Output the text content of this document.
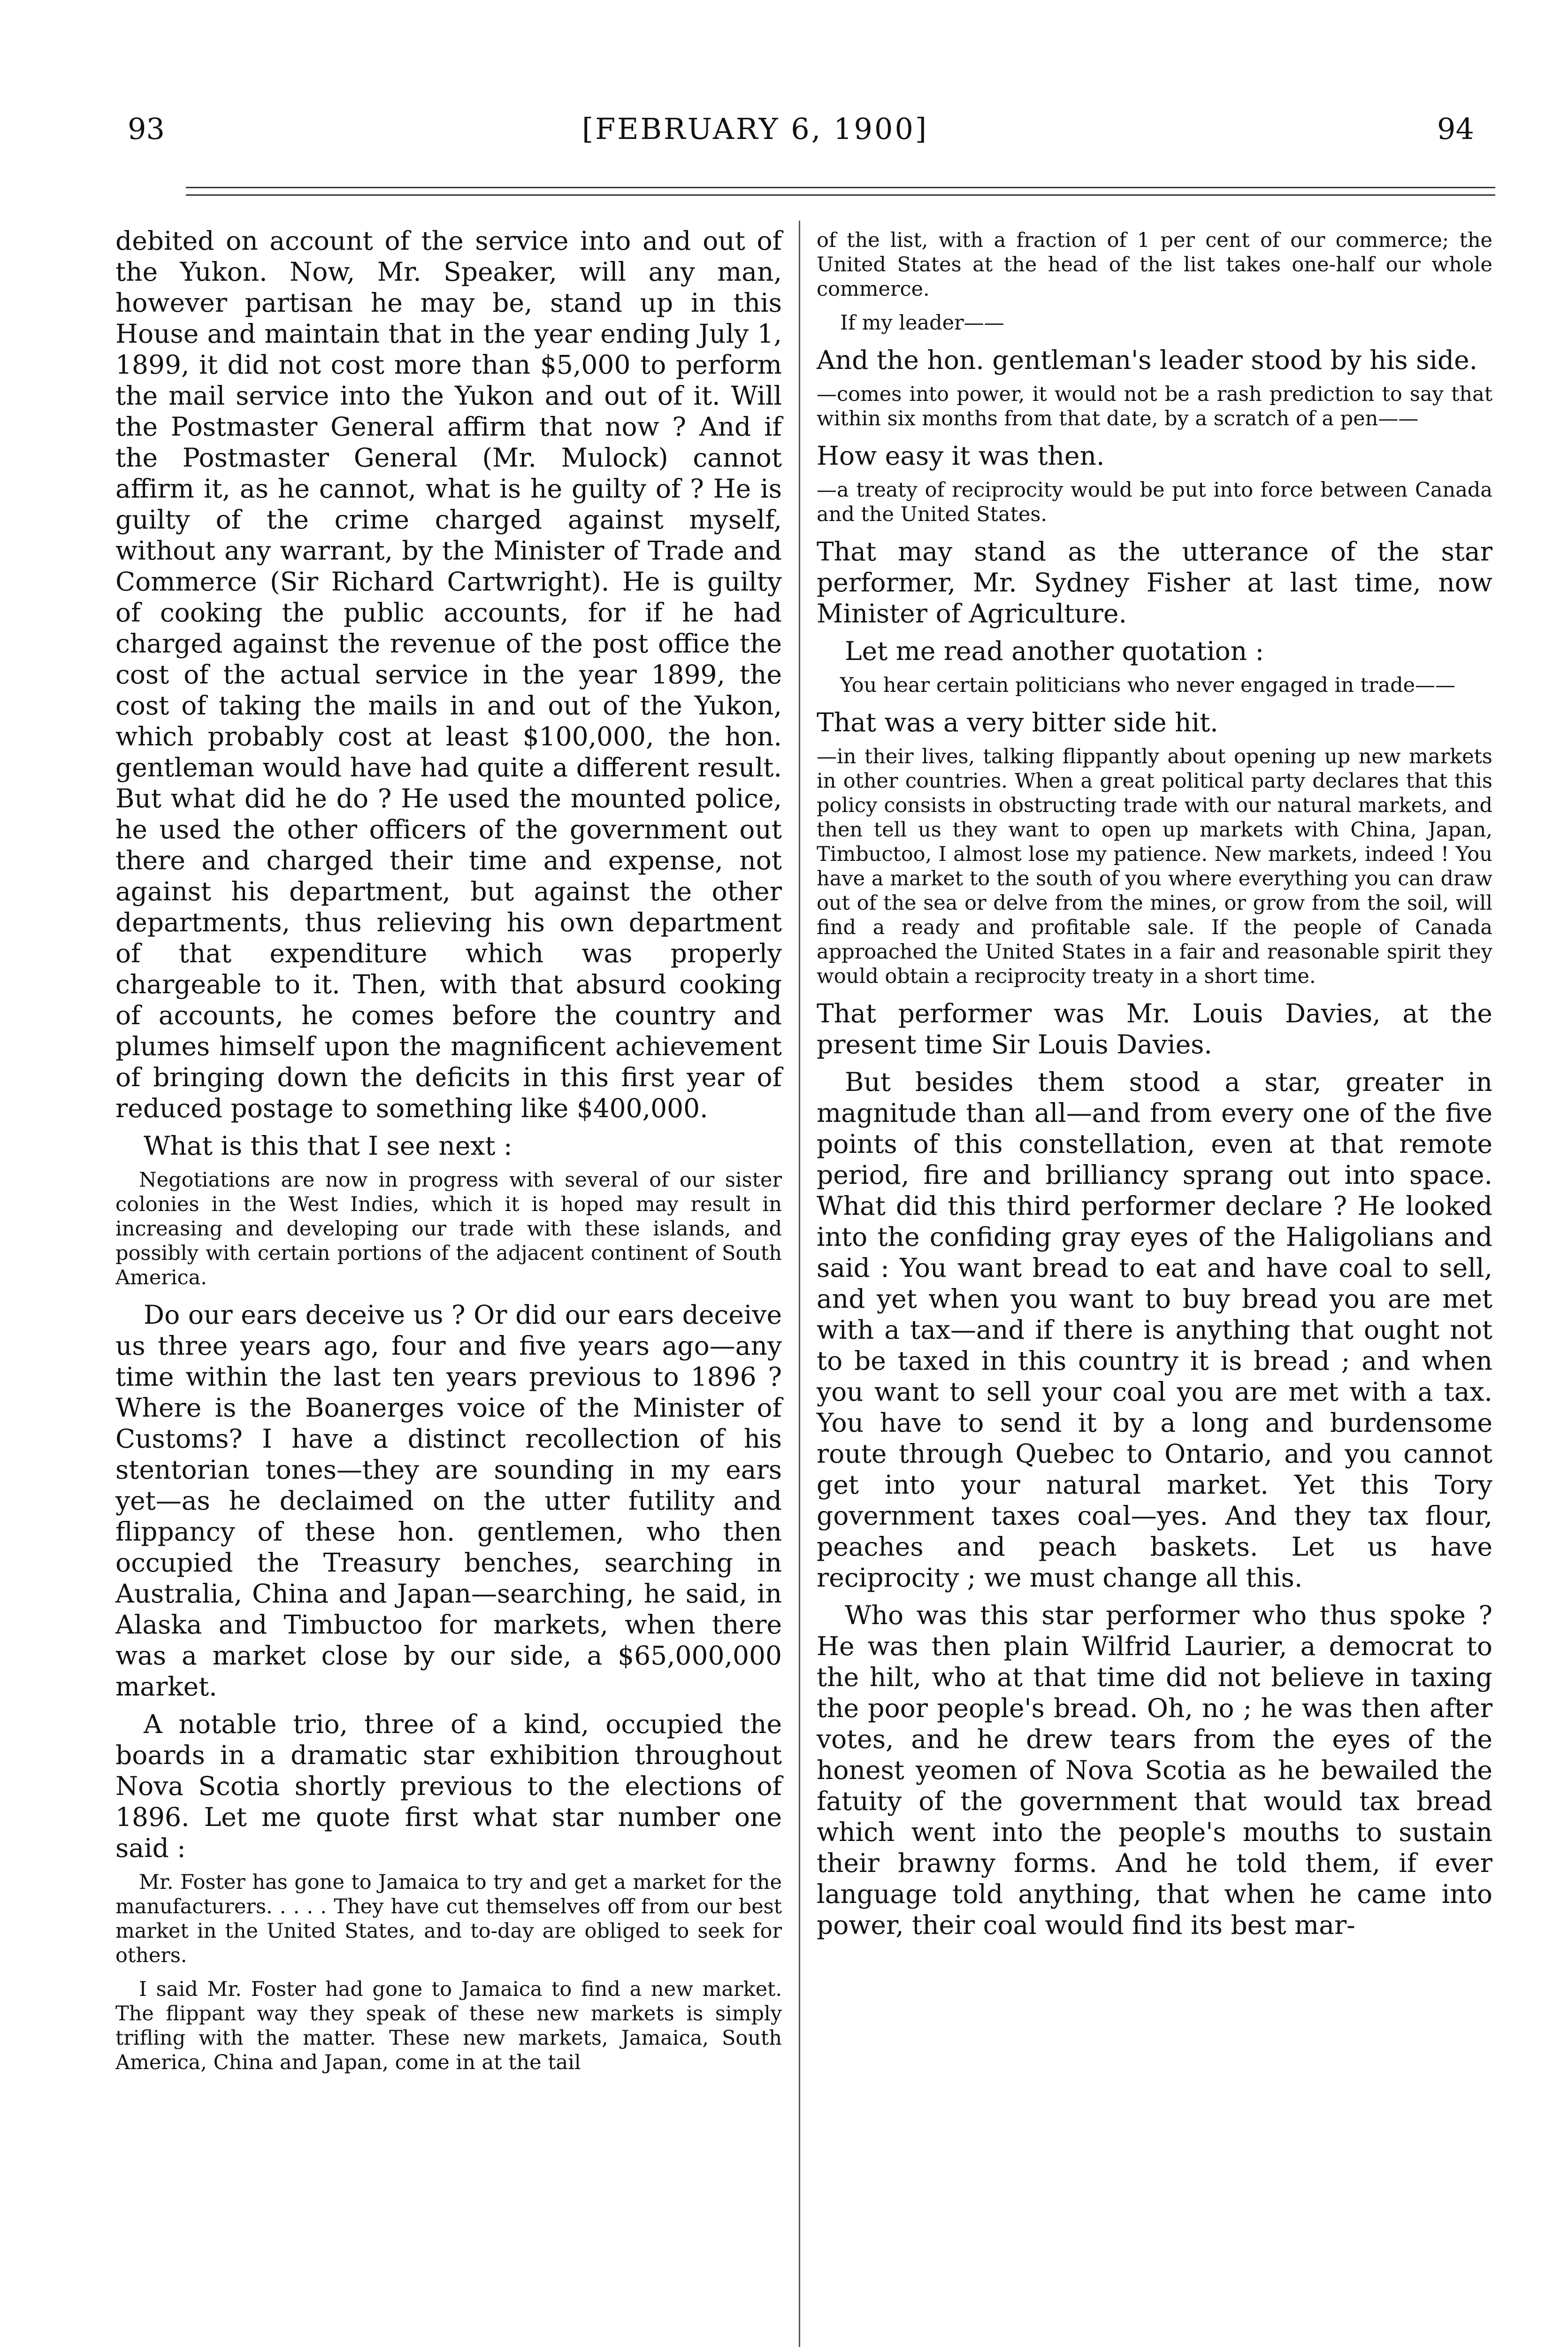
93	[FEBRUARY 6, 1900]	94

debited on account of the service into and out of the Yukon. Now, Mr. Speaker, will any man, however partisan he may be, stand up in this House and maintain that in the year ending July 1, 1899, it did not cost more than $5,000 to perform the mail service into the Yukon and out of it. Will the Postmaster General affirm that now ? And if the Postmaster General (Mr. Mulock) cannot affirm it, as he cannot, what is he guilty of ? He is guilty of the crime charged against myself, without any warrant, by the Minister of Trade and Commerce (Sir Richard Cartwright). He is guilty of cooking the public accounts, for if he had charged against the revenue of the post office the cost of the actual service in the year 1899, the cost of taking the mails in and out of the Yukon, which probably cost at least $100,000, the hon. gentleman would have had quite a different result. But what did he do ? He used the mounted police, he used the other officers of the government out there and charged their time and expense, not against his department, but against the other departments, thus relieving his own department of that expenditure which was properly chargeable to it. Then, with that absurd cooking of accounts, he comes before the country and plumes himself upon the magnificent achievement of bringing down the deficits in this first year of reduced postage to something like $400,000.

What is this that I see next :

Negotiations are now in progress with several of our sister colonies in the West Indies, which it is hoped may result in increasing and developing our trade with these islands, and possibly with certain portions of the adjacent continent of South America.

Do our ears deceive us ? Or did our ears deceive us three years ago, four and five years ago—any time within the last ten years previous to 1896 ? Where is the Boanerges voice of the Minister of Customs? I have a distinct recollection of his stentorian tones—they are sounding in my ears yet—as he declaimed on the utter futility and flippancy of these hon. gentlemen, who then occupied the Treasury benches, searching in Australia, China and Japan—searching, he said, in Alaska and Timbuctoo for markets, when there was a market close by our side, a $65,000,000 market.

A notable trio, three of a kind, occupied the boards in a dramatic star exhibition throughout Nova Scotia shortly previous to the elections of 1896. Let me quote first what star number one said :

Mr. Foster has gone to Jamaica to try and get a market for the manufacturers. . . . . They have cut themselves off from our best market in the United States, and to-day are obliged to seek for others.

I said Mr. Foster had gone to Jamaica to find a new market. The flippant way they speak of these new markets is simply trifling with the matter. These new markets, Jamaica, South America, China and Japan, come in at the tail

of the list, with a fraction of 1 per cent of our commerce; the United States at the head of the list takes one-half our whole commerce.

If my leader——

And the hon. gentleman's leader stood by his side.

—comes into power, it would not be a rash prediction to say that within six months from that date, by a scratch of a pen——

How easy it was then.

—a treaty of reciprocity would be put into force between Canada and the United States.

That may stand as the utterance of the star performer, Mr. Sydney Fisher at last time, now Minister of Agriculture.

Let me read another quotation :

You hear certain politicians who never engaged in trade——

That was a very bitter side hit.

—in their lives, talking flippantly about opening up new markets in other countries. When a great political party declares that this policy consists in obstructing trade with our natural markets, and then tell us they want to open up markets with China, Japan, Timbuctoo, I almost lose my patience. New markets, indeed ! You have a market to the south of you where everything you can draw out of the sea or delve from the mines, or grow from the soil, will find a ready and profitable sale. If the people of Canada approached the United States in a fair and reasonable spirit they would obtain a reciprocity treaty in a short time.

That performer was Mr. Louis Davies, at the present time Sir Louis Davies.

But besides them stood a star, greater in magnitude than all—and from every one of the five points of this constellation, even at that remote period, fire and brilliancy sprang out into space. What did this third performer declare ? He looked into the confiding gray eyes of the Haligolians and said : You want bread to eat and have coal to sell, and yet when you want to buy bread you are met with a tax—and if there is anything that ought not to be taxed in this country it is bread ; and when you want to sell your coal you are met with a tax. You have to send it by a long and burdensome route through Quebec to Ontario, and you cannot get into your natural market. Yet this Tory government taxes coal—yes. And they tax flour, peaches and peach baskets. Let us have reciprocity ; we must change all this.

Who was this star performer who thus spoke ? He was then plain Wilfrid Laurier, a democrat to the hilt, who at that time did not believe in taxing the poor people's bread. Oh, no ; he was then after votes, and he drew tears from the eyes of the honest yeomen of Nova Scotia as he bewailed the fatuity of the government that would tax bread which went into the people's mouths to sustain their brawny forms. And he told them, if ever language told anything, that when he came into power, their coal would find its best mar-
